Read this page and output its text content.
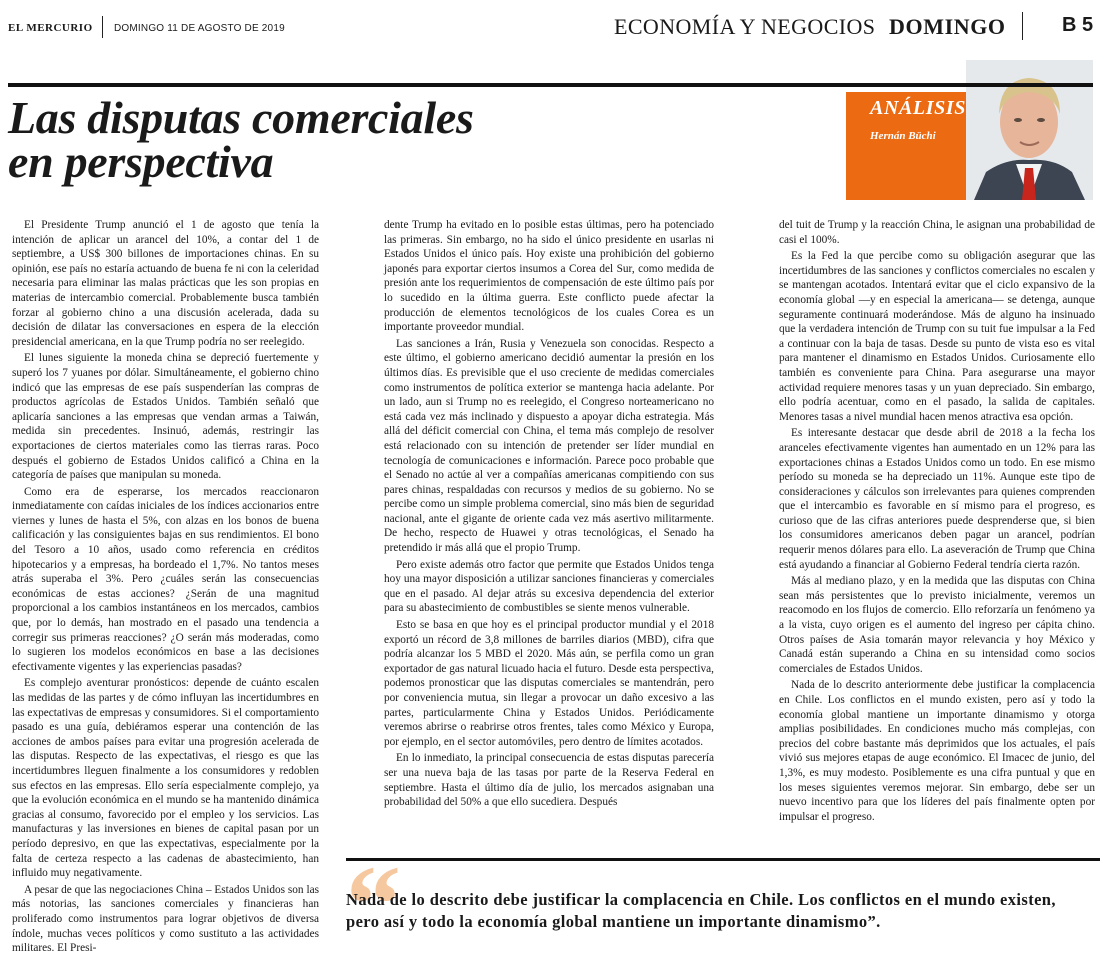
EL MERCURIO DOMINGO 11 DE AGOSTO DE 2019	ECONOMÍA Y NEGOCIOS DOMINGO	B 5
Las disputas comerciales
en perspectiva
ANÁLISIS
Hernán Büchi

El Presidente Trump anunció el 1 de agosto que tenía la intención de aplicar un arancel del 10%, a contar del 1 de septiembre, a US$ 300 billones de importaciones chinas. En su opinión, ese país no estaría actuando de buena fe ni con la celeridad necesaria para eliminar las malas prácticas que les son propias en materias de intercambio comercial. Probablemente busca también forzar al gobierno chino a una discusión acelerada, dada su decisión de dilatar las conversaciones en espera de la elección presidencial americana, en la que Trump podría no ser reelegido.

El lunes siguiente la moneda china se depreció fuertemente y superó los 7 yuanes por dólar. Simultáneamente, el gobierno chino indicó que las empresas de ese país suspenderían las compras de productos agrícolas de Estados Unidos. También señaló que aplicaría sanciones a las empresas que vendan armas a Taiwán, medida sin precedentes. Insinuó, además, restringir las exportaciones de ciertos materiales como las tierras raras. Poco después el gobierno de Estados Unidos calificó a China en la categoría de países que manipulan su moneda.

Como era de esperarse, los mercados reaccionaron inmediatamente con caídas iniciales de los índices accionarios entre viernes y lunes de hasta el 5%, con alzas en los bonos de buena calificación y las consiguientes bajas en sus rendimientos. El bono del Tesoro a 10 años, usado como referencia en créditos hipotecarios y a empresas, ha bordeado el 1,7%. No tantos meses atrás superaba el 3%. Pero ¿cuáles serán las consecuencias económicas de estas acciones? ¿Serán de una magnitud proporcional a los cambios instantáneos en los mercados, cambios que, por lo demás, han mostrado en el pasado una tendencia a corregir sus primeras reacciones? ¿O serán más moderadas, como lo sugieren los modelos económicos en base a las decisiones efectivamente vigentes y las experiencias pasadas?

Es complejo aventurar pronósticos: depende de cuánto escalen las medidas de las partes y de cómo influyan las incertidumbres en las expectativas de empresas y consumidores. Si el comportamiento pasado es una guía, debiéramos esperar una contención de las acciones de ambos países para evitar una progresión acelerada de las disputas. Respecto de las expectativas, el riesgo es que las incertidumbres lleguen finalmente a los consumidores y redoblen sus efectos en las empresas. Ello sería especialmente complejo, ya que la evolución económica en el mundo se ha mantenido dinámica gracias al consumo, favorecido por el empleo y los servicios. Las manufacturas y las inversiones en bienes de capital pasan por un período depresivo, en que las expectativas, especialmente por la falta de certeza respecto a las cadenas de abastecimiento, han influido muy negativamente.

A pesar de que las negociaciones China – Estados Unidos son las más notorias, las sanciones comerciales y financieras han proliferado como instrumentos para lograr objetivos de diversa índole, muchas veces políticos y como sustituto a las actividades militares. El Presi-

dente Trump ha evitado en lo posible estas últimas, pero ha potenciado las primeras. Sin embargo, no ha sido el único presidente en usarlas ni Estados Unidos el único país. Hoy existe una prohibición del gobierno japonés para exportar ciertos insumos a Corea del Sur, como medida de presión ante los requerimientos de compensación de este último país por lo sucedido en la última guerra. Este conflicto puede afectar la producción de elementos tecnológicos de los cuales Corea es un importante proveedor mundial.

Las sanciones a Irán, Rusia y Venezuela son conocidas. Respecto a este último, el gobierno americano decidió aumentar la presión en los últimos días. Es previsible que el uso creciente de medidas comerciales como instrumentos de política exterior se mantenga hacia adelante. Por un lado, aun si Trump no es reelegido, el Congreso norteamericano no está cada vez más inclinado y dispuesto a apoyar dicha estrategia. Más allá del déficit comercial con China, el tema más complejo de resolver está relacionado con su intención de pretender ser líder mundial en tecnología de comunicaciones e información. Parece poco probable que el Senado no actúe al ver a compañías americanas compitiendo con sus pares chinas, respaldadas con recursos y medios de su gobierno. No se percibe como un simple problema comercial, sino más bien de seguridad nacional, ante el gigante de oriente cada vez más asertivo militarmente. De hecho, respecto de Huawei y otras tecnológicas, el Senado ha pretendido ir más allá que el propio Trump.

Pero existe además otro factor que permite que Estados Unidos tenga hoy una mayor disposición a utilizar sanciones financieras y comerciales que en el pasado. Al dejar atrás su excesiva dependencia del exterior para su abastecimiento de combustibles se siente menos vulnerable.

Esto se basa en que hoy es el principal productor mundial y el 2018 exportó un récord de 3,8 millones de barriles diarios (MBD), cifra que podría alcanzar los 5 MBD el 2020. Más aún, se perfila como un gran exportador de gas natural licuado hacia el futuro. Desde esta perspectiva, podemos pronosticar que las disputas comerciales se mantendrán, pero por conveniencia mutua, sin llegar a provocar un daño excesivo a las partes, particularmente China y Estados Unidos. Periódicamente veremos abrirse o reabrirse otros frentes, tales como México y Europa, por ejemplo, en el sector automóviles, pero dentro de límites acotados.

En lo inmediato, la principal consecuencia de estas disputas parecería ser una nueva baja de las tasas por parte de la Reserva Federal en septiembre. Hasta el último día de julio, los mercados asignaban una probabilidad del 50% a que ello sucediera. Después

del tuit de Trump y la reacción China, le asignan una probabilidad de casi el 100%.

Es la Fed la que percibe como su obligación asegurar que las incertidumbres de las sanciones y conflictos comerciales no escalen y se mantengan acotados. Intentará evitar que el ciclo expansivo de la economía global —y en especial la americana— se detenga, aunque seguramente continuará moderándose. Más de alguno ha insinuado que la verdadera intención de Trump con su tuit fue impulsar a la Fed a continuar con la baja de tasas. Desde su punto de vista eso es vital para mantener el dinamismo en Estados Unidos. Curiosamente ello también es conveniente para China. Para asegurarse una mayor actividad requiere menores tasas y un yuan depreciado. Sin embargo, ello podría acentuar, como en el pasado, la salida de capitales. Menores tasas a nivel mundial hacen menos atractiva esa opción.

Es interesante destacar que desde abril de 2018 a la fecha los aranceles efectivamente vigentes han aumentado en un 12% para las exportaciones chinas a Estados Unidos como un todo. En ese mismo período su moneda se ha depreciado un 11%. Aunque este tipo de consideraciones y cálculos son irrelevantes para quienes comprenden que el intercambio es favorable en sí mismo para el progreso, es curioso que de las cifras anteriores puede desprenderse que, si bien los consumidores americanos deben pagar un arancel, podrían requerir menos dólares para ello. La aseveración de Trump que China está ayudando a financiar al Gobierno Federal tendría cierta razón.

Más al mediano plazo, y en la medida que las disputas con China sean más persistentes que lo previsto inicialmente, veremos un reacomodo en los flujos de comercio. Ello reforzaría un fenómeno ya a la vista, cuyo origen es el aumento del ingreso per cápita chino. Otros países de Asia tomarán mayor relevancia y hoy México y Canadá están superando a China en su intensidad como socios comerciales de Estados Unidos.

Nada de lo descrito anteriormente debe justificar la complacencia en Chile. Los conflictos en el mundo existen, pero así y todo la economía global mantiene un importante dinamismo y otorga amplias posibilidades. En condiciones mucho más complejas, con precios del cobre bastante más deprimidos que los actuales, el país vivió sus mejores etapas de auge económico. El Imacec de junio, del 1,3%, es muy modesto. Posiblemente es una cifra puntual y que en los meses siguientes veremos mejorar. Sin embargo, debe ser un nuevo incentivo para que los líderes del país finalmente opten por impulsar el progreso.

“

Nada de lo descrito debe justificar la complacencia en Chile. Los conflictos en el mundo existen, pero así y todo la economía global mantiene un importante dinamismo”.
